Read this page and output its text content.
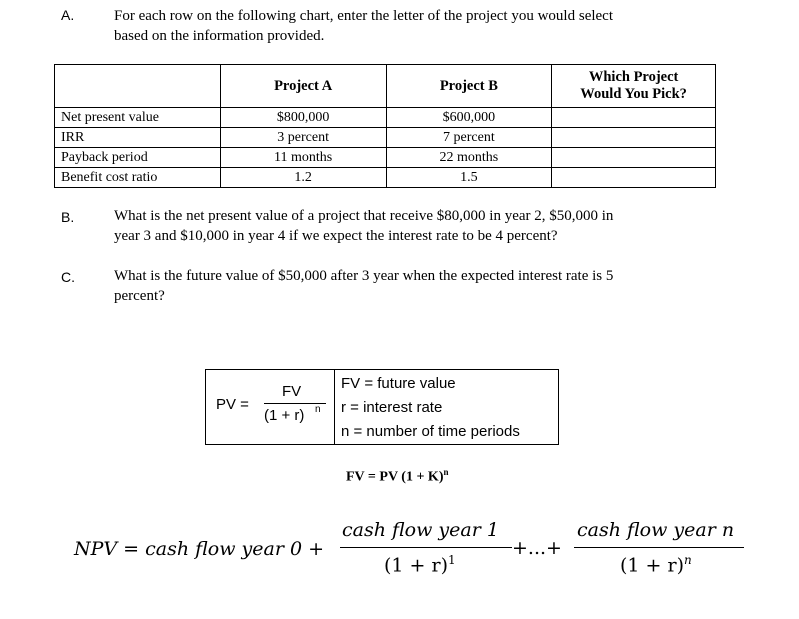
A.	For each row on the following chart, enter the letter of the project you would select
based on the information provided.
	Project A	Project B	Which Project
Would You Pick?

Net present value	$800,000	$600,000	
IRR	3 percent	7 percent	
Payback period	11 months	22 months	
Benefit cost ratio	1.2	1.5	
B.	What is the net present value of a project that receive $80,000 in year 2, $50,000 in
year 3 and $10,000 in year 4 if we expect the interest rate to be 4 percent?
C.	What is the future value of $50,000 after 3 year when the expected interest rate is 5
percent?
PV =
FV
(1 + r) n
FV = future value
r = interest rate
n = number of time periods
FV = PV $(1 + K)^n$
NPV = cash flow year 0 +
cash flow year 1
$(1 + r)^1$
+...+
cash flow year n
$(1 + r)^n$
